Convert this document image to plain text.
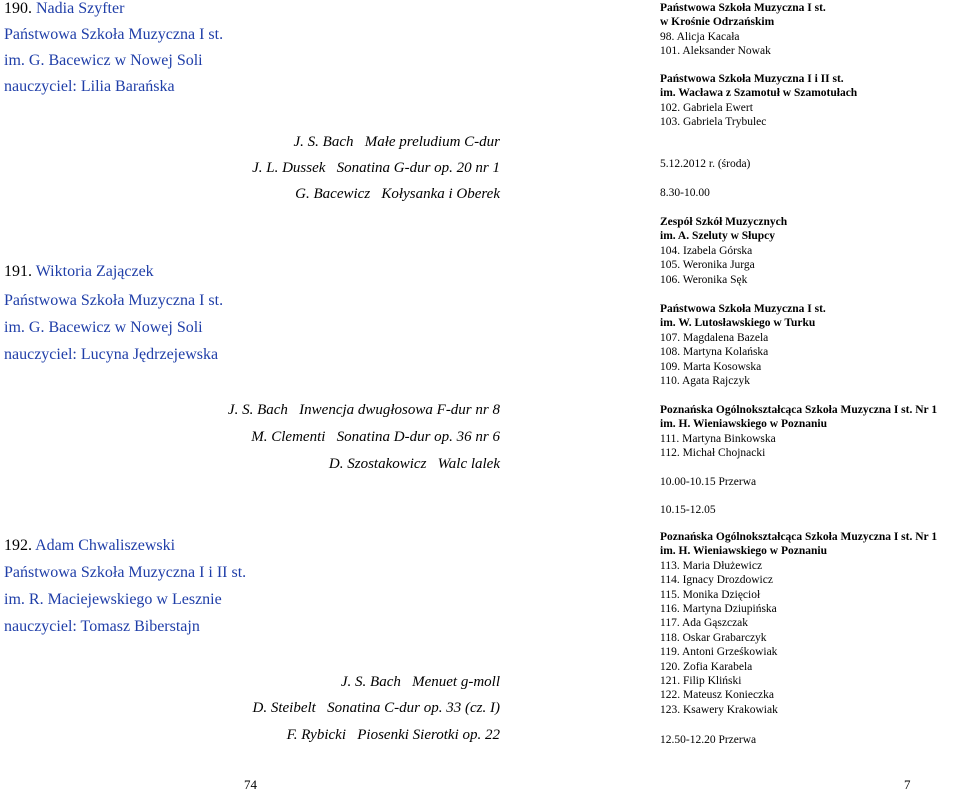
190. Nadia Szyfter
Państwowa Szkoła Muzyczna I st.
im. G. Bacewicz w Nowej Soli
nauczyciel: Lilia Barańska
J. S. Bach Małe preludium C-dur
J. L. Dussek Sonatina G-dur op. 20 nr 1
G. Bacewicz Kołysanka i Oberek
191. Wiktoria Zajączek
Państwowa Szkoła Muzyczna I st.
im. G. Bacewicz w Nowej Soli
nauczyciel: Lucyna Jędrzejewska
J. S. Bach Inwencja dwugłosowa F-dur nr 8
M. Clementi Sonatina D-dur op. 36 nr 6
D. Szostakowicz Walc lalek
192. Adam Chwaliszewski
Państwowa Szkoła Muzyczna I i II st.
im. R. Maciejewskiego w Lesznie
nauczyciel: Tomasz Biberstajn
J. S. Bach Menuet g-moll
D. Steibelt Sonatina C-dur op. 33 (cz. I)
F. Rybicki Piosenki Sierotki op. 22
74
Państwowa Szkoła Muzyczna I st.
w Krośnie Odrzańskim
98. Alicja Kacała
101. Aleksander Nowak
Państwowa Szkoła Muzyczna I i II st.
im. Wacława z Szamotuł w Szamotułach
102. Gabriela Ewert
103. Gabriela Trybulec
5.12.2012 r. (środa)
8.30-10.00
Zespół Szkół Muzycznych
im. A. Szeluty w Słupcy
104. Izabela Górska
105. Weronika Jurga
106. Weronika Sęk
Państwowa Szkoła Muzyczna I st.
im. W. Lutosławskiego w Turku
107. Magdalena Bazela
108. Martyna Kolańska
109. Marta Kosowska
110. Agata Rajczyk
Poznańska Ogólnokształcąca Szkoła Muzyczna I st. Nr 1
im. H. Wieniawskiego w Poznaniu
111. Martyna Binkowska
112. Michał Chojnacki
10.00-10.15 Przerwa
10.15-12.05
Poznańska Ogólnokształcąca Szkoła Muzyczna I st. Nr 1
im. H. Wieniawskiego w Poznaniu
113. Maria Dłużewicz
114. Ignacy Drozdowicz
115. Monika Dzięcioł
116. Martyna Dziupińska
117. Ada Gąszczak
118. Oskar Grabarczyk
119. Antoni Grześkowiak
120. Zofia Karabela
121. Filip Kliński
122. Mateusz Konieczka
123. Ksawery Krakowiak
12.50-12.20 Przerwa
7
